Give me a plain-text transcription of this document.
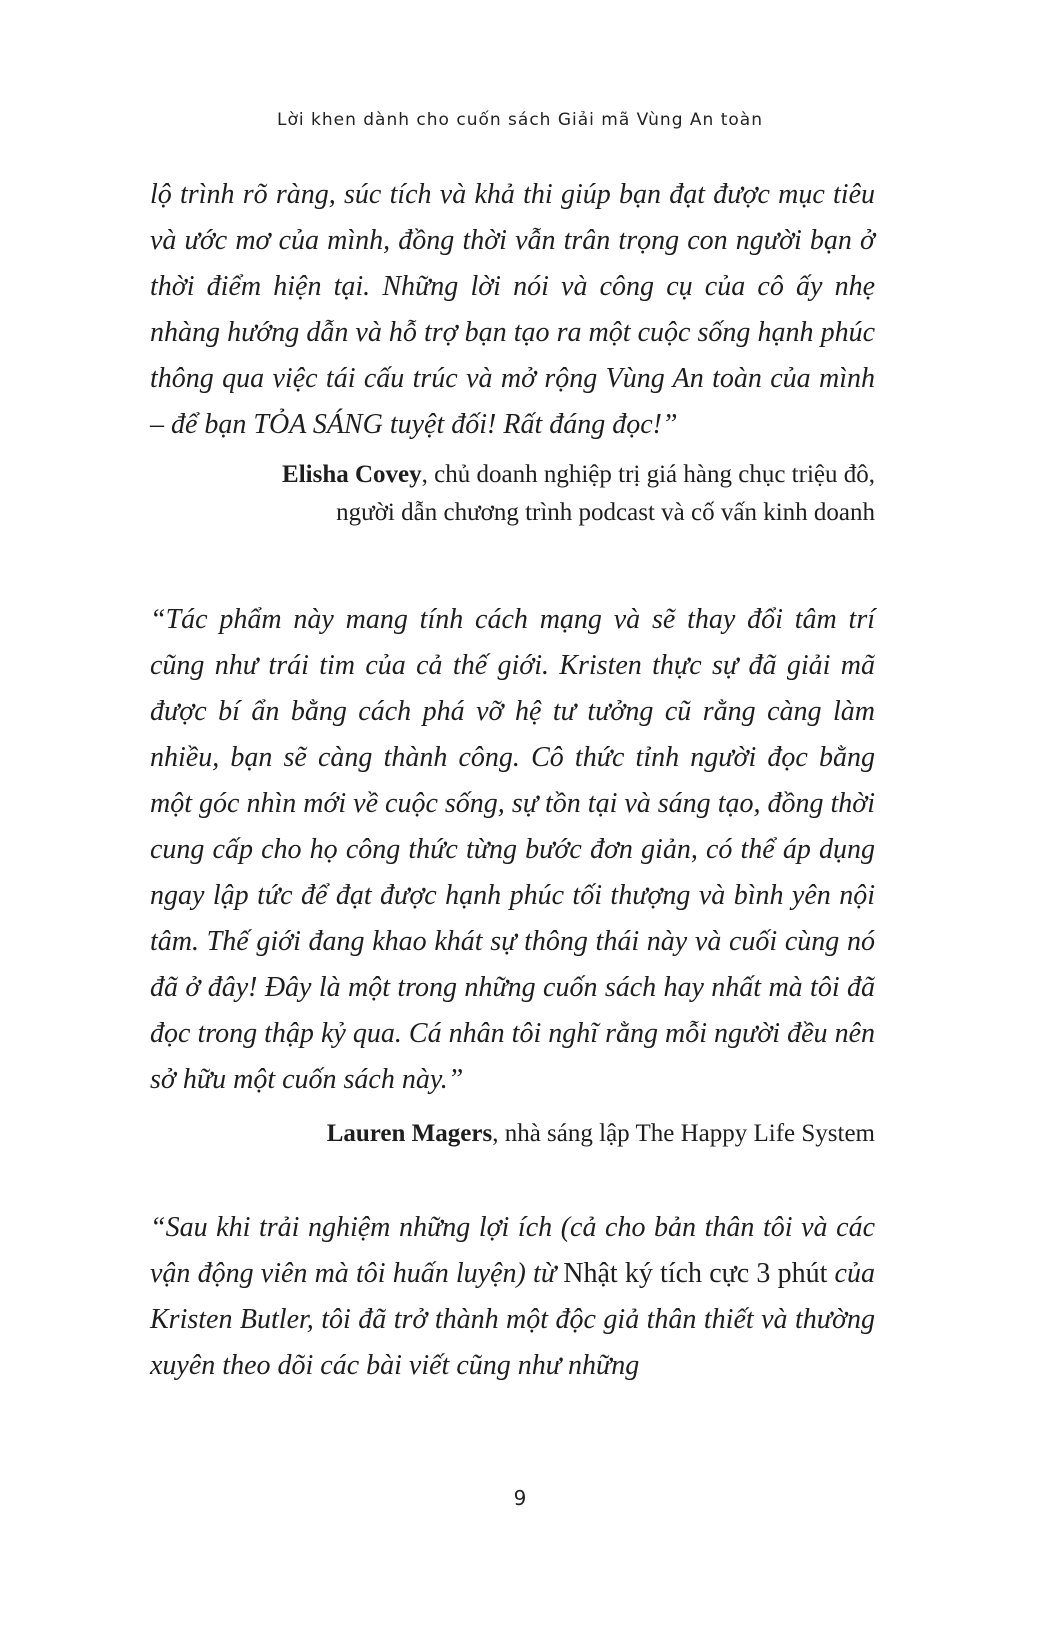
Lời khen dành cho cuốn sách Giải mã Vùng An toàn

lộ trình rõ ràng, súc tích và khả thi giúp bạn đạt được mục tiêu và ước mơ của mình, đồng thời vẫn trân trọng con người bạn ở thời điểm hiện tại. Những lời nói và công cụ của cô ấy nhẹ nhàng hướng dẫn và hỗ trợ bạn tạo ra một cuộc sống hạnh phúc thông qua việc tái cấu trúc và mở rộng Vùng An toàn của mình – để bạn TỎA SÁNG tuyệt đối! Rất đáng đọc!”

Elisha Covey, chủ doanh nghiệp trị giá hàng chục triệu đô,
người dẫn chương trình podcast và cố vấn kinh doanh

“Tác phẩm này mang tính cách mạng và sẽ thay đổi tâm trí cũng như trái tim của cả thế giới. Kristen thực sự đã giải mã được bí ẩn bằng cách phá vỡ hệ tư tưởng cũ rằng càng làm nhiều, bạn sẽ càng thành công. Cô thức tỉnh người đọc bằng một góc nhìn mới về cuộc sống, sự tồn tại và sáng tạo, đồng thời cung cấp cho họ công thức từng bước đơn giản, có thể áp dụng ngay lập tức để đạt được hạnh phúc tối thượng và bình yên nội tâm. Thế giới đang khao khát sự thông thái này và cuối cùng nó đã ở đây! Đây là một trong những cuốn sách hay nhất mà tôi đã đọc trong thập kỷ qua. Cá nhân tôi nghĩ rằng mỗi người đều nên sở hữu một cuốn sách này.”

Lauren Magers, nhà sáng lập The Happy Life System

“Sau khi trải nghiệm những lợi ích (cả cho bản thân tôi và các vận động viên mà tôi huấn luyện) từ Nhật ký tích cực 3 phút của Kristen Butler, tôi đã trở thành một độc giả thân thiết và thường xuyên theo dõi các bài viết cũng như những

9
